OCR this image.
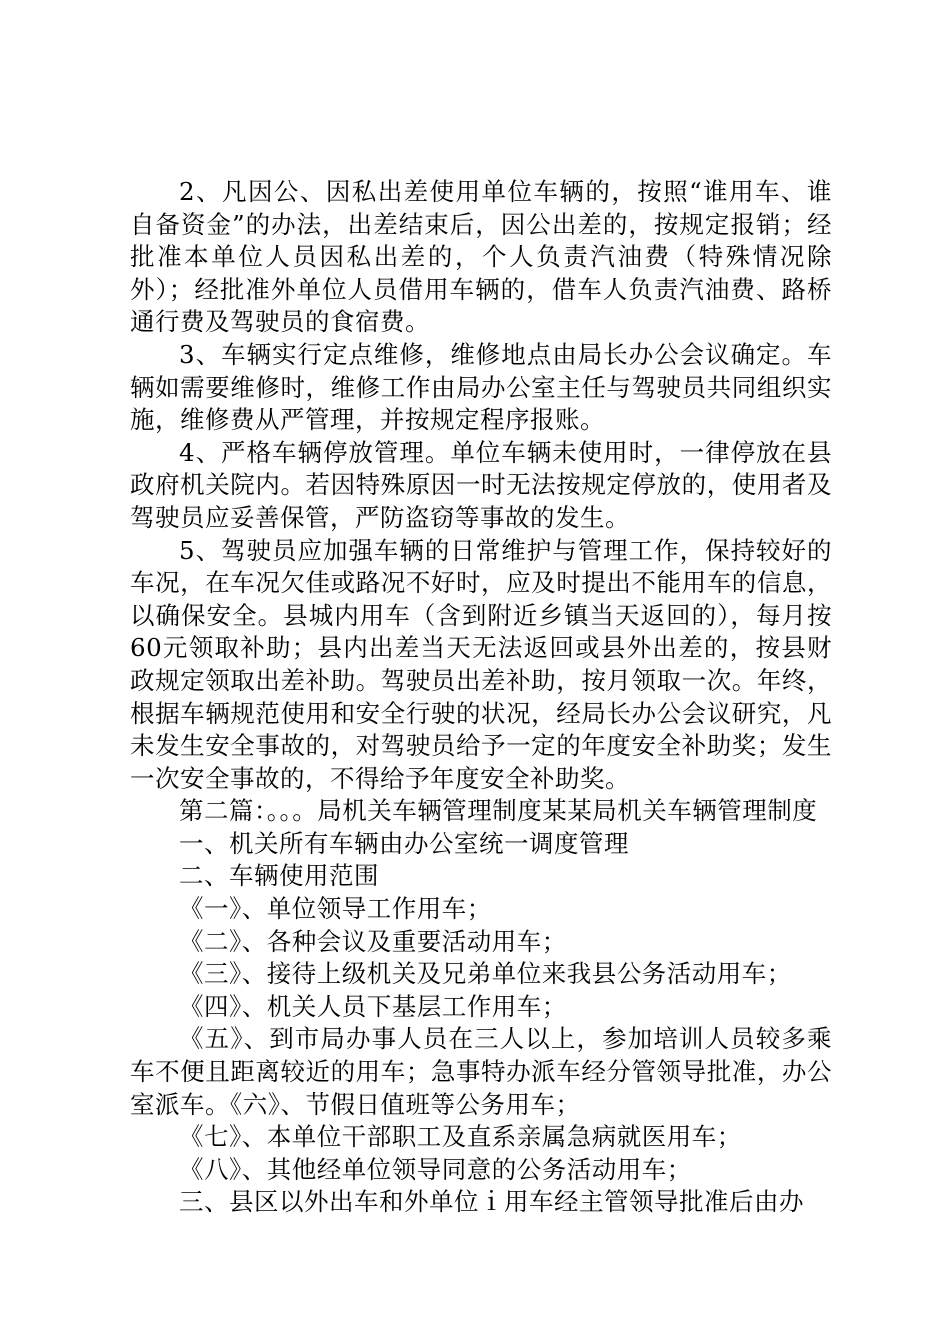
2、凡因公、因私出差使用单位车辆的，按照“谁用车、谁自备资金”的办法，出差结束后，因公出差的，按规定报销；经批准本单位人员因私出差的，个人负责汽油费（特殊情况除外）；经批准外单位人员借用车辆的，借车人负责汽油费、路桥通行费及驾驶员的食宿费。

3、车辆实行定点维修，维修地点由局长办公会议确定。车辆如需要维修时，维修工作由局办公室主任与驾驶员共同组织实施，维修费从严管理，并按规定程序报账。

4、严格车辆停放管理。单位车辆未使用时，一律停放在县政府机关院内。若因特殊原因一时无法按规定停放的，使用者及驾驶员应妥善保管，严防盗窃等事故的发生。

5、驾驶员应加强车辆的日常维护与管理工作，保持较好的车况，在车况欠佳或路况不好时，应及时提出不能用车的信息，以确保安全。县城内用车（含到附近乡镇当天返回的），每月按60元领取补助；县内出差当天无法返回或县外出差的，按县财政规定领取出差补助。驾驶员出差补助，按月领取一次。年终，根据车辆规范使用和安全行驶的状况，经局长办公会议研究，凡未发生安全事故的，对驾驶员给予一定的年度安全补助奖；发生一次安全事故的，不得给予年度安全补助奖。

第二篇：。。。局机关车辆管理制度某某局机关车辆管理制度

一、机关所有车辆由办公室统一调度管理

二、车辆使用范围

《一》、单位领导工作用车；

《二》、各种会议及重要活动用车；

《三》、接待上级机关及兄弟单位来我县公务活动用车；

《四》、机关人员下基层工作用车；

《五》、到市局办事人员在三人以上，参加培训人员较多乘车不便且距离较近的用车；急事特办派车经分管领导批准，办公室派车。《六》、节假日值班等公务用车；

《七》、本单位干部职工及直系亲属急病就医用车；

《八》、其他经单位领导同意的公务活动用车；

三、县区以外出车和外单位ｉ用车经主管领导批准后由办
